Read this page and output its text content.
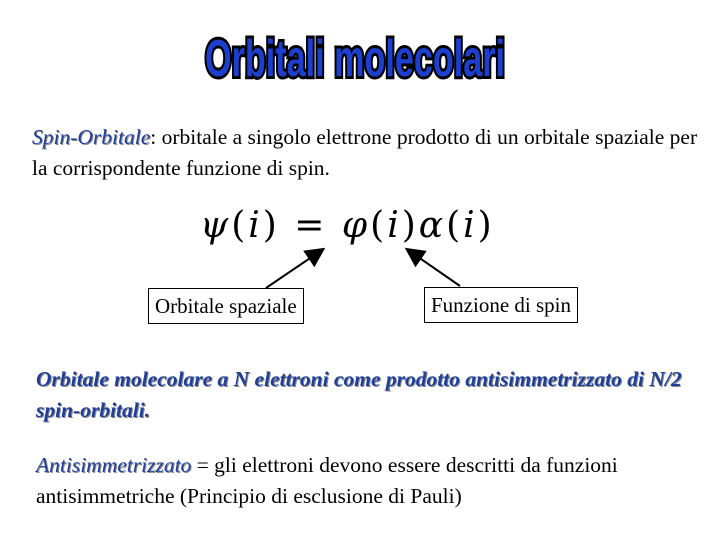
Orbitali molecolari
Spin-Orbitale: orbitale a singolo elettrone prodotto di un orbitale spaziale per la corrispondente funzione di spin.
ψ(i) = φ(i)α(i)
Orbitale spaziale	Funzione di spin
Orbitale molecolare a N elettroni come prodotto antisimmetrizzato di N/2 spin-orbitali.
Antisimmetrizzato = gli elettroni devono essere descritti da funzioni antisimmetriche (Principio di esclusione di Pauli)
